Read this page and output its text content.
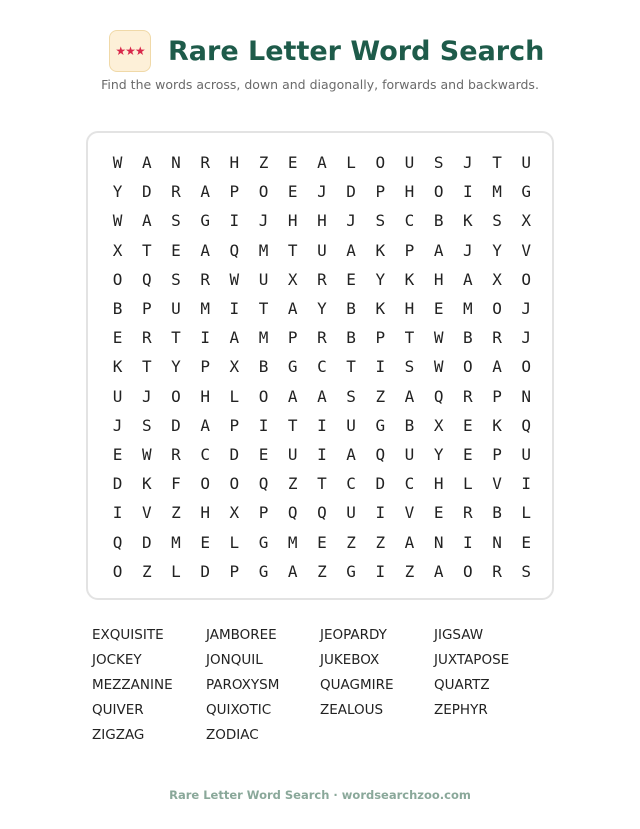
★★★ Rare Letter Word Search
Find the words across, down and diagonally, forwards and backwards.
W	A	N	R	H	Z	E	A	L	O	U	S	J	T	U
Y	D	R	A	P	O	E	J	D	P	H	O	I	M	G
W	A	S	G	I	J	H	H	J	S	C	B	K	S	X
X	T	E	A	Q	M	T	U	A	K	P	A	J	Y	V
O	Q	S	R	W	U	X	R	E	Y	K	H	A	X	O
B	P	U	M	I	T	A	Y	B	K	H	E	M	O	J
E	R	T	I	A	M	P	R	B	P	T	W	B	R	J
K	T	Y	P	X	B	G	C	T	I	S	W	O	A	O
U	J	O	H	L	O	A	A	S	Z	A	Q	R	P	N
J	S	D	A	P	I	T	I	U	G	B	X	E	K	Q
E	W	R	C	D	E	U	I	A	Q	U	Y	E	P	U
D	K	F	O	O	Q	Z	T	C	D	C	H	L	V	I
I	V	Z	H	X	P	Q	Q	U	I	V	E	R	B	L
Q	D	M	E	L	G	M	E	Z	Z	A	N	I	N	E
O	Z	L	D	P	G	A	Z	G	I	Z	A	O	R	S
EXQUISITE	JAMBOREE	JEOPARDY	JIGSAW
JOCKEY	JONQUIL	JUKEBOX	JUXTAPOSE
MEZZANINE	PAROXYSM	QUAGMIRE	QUARTZ
QUIVER	QUIXOTIC	ZEALOUS	ZEPHYR
ZIGZAG	ZODIAC
Rare Letter Word Search · wordsearchzoo.com
